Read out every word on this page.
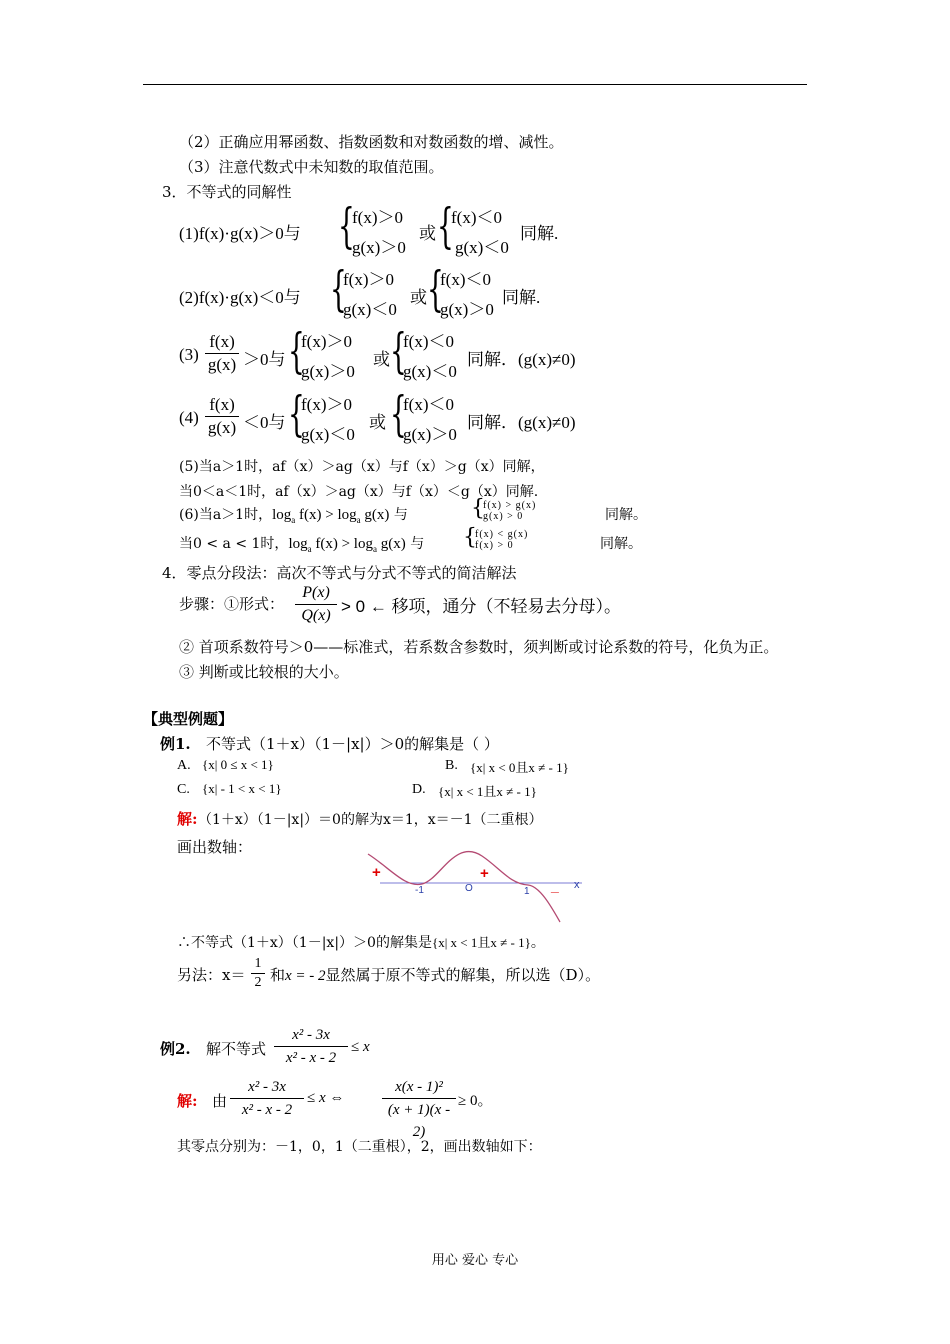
（2）正确应用幂函数、指数函数和对数函数的增、减性。
（3）注意代数式中未知数的取值范围。
3．不等式的同解性
(1)f(x)·g(x)＞0与 {
f(x)＞0
g(x)＞0
或 {
f(x)＜0
g(x)＜0
同解.
(2)f(x)·g(x)＜0与 {
f(x)＞0
g(x)＜0
或 {
f(x)＜0
g(x)＞0
同解.
(3)
f(x)
g(x) ＞0与 {
f(x)＞0
g(x)＞0
或 {
f(x)＜0
g(x)＜0
同解．(g(x)≠0)
(4)
f(x)
g(x) ＜0与 {
f(x)＞0
g(x)＜0
或 {
f(x)＜0
g(x)＞0
同解．(g(x)≠0)
(5)当a＞1时，af（x）＞ag（x）与f（x）＞g（x）同解，
当0＜a＜1时，af（x）＞ag（x）与f（x）＜g（x）同解.
(6)当a＞1时，$\log_a f(x) > \log_a g(x)$ 与	{
f(x) > g(x)
g(x) > 0	同解。
当0 < a < 1时，$\log_a f(x) > \log_a g(x)$ 与 {
f(x) < g(x)
f(x) > 0	同解。
4．零点分段法：高次不等式与分式不等式的简洁解法
步骤：①形式：
P(x)
Q(x) > 0 ← 移项，通分（不轻易去分母）。
② 首项系数符号＞0——标准式，若系数含参数时，须判断或讨论系数的符号，化负为正。
③ 判断或比较根的大小。
【典型例题】
例1. 不等式（1＋x）（1－|x|）＞0的解集是（ ）
A. {x| 0 ≤ x < 1}	B. {x| x < 0且x ≠ - 1}
C. {x| - 1 < x < 1}	D. {x| x < 1且x ≠ - 1}
解: （1＋x）（1－|x|）＝0的解为x＝1，x＝－1（二重根）
画出数轴：
+
-1	O
+
1 _ x
∴不等式（1＋x）（1－|x|）＞0的解集是{x| x < 1且x ≠ - 1}。
另法：x＝
1
2 和x = - 2显然属于原不等式的解集，所以选（D）。
例2. 解不等式
x² - 3x
x² - x - 2
≤ x
解: 由
x² - 3x
x² - x - 2
≤ x ⇔
x(x - 1)²
(x + 1)(x - 2)
≥ 0。
其零点分别为：－1，0，1（二重根），2，画出数轴如下：
用心 爱心 专心
